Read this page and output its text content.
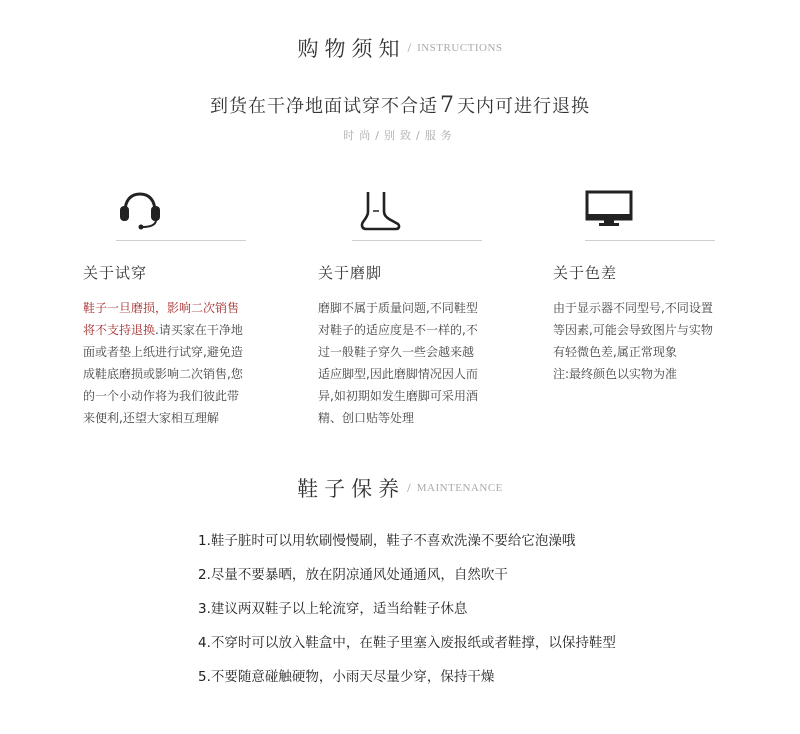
购物须知 / INSTRUCTIONS
到货在干净地面试穿不合适7 天内可进行退换
时尚/别致/服务
关于试穿
鞋子一旦磨损，影响二次销售
将不支持退换.请买家在干净地
面或者垫上纸进行试穿,避免造
成鞋底磨损或影响二次销售,您
的一个小动作将为我们彼此带
来便利,还望大家相互理解
关于磨脚
磨脚不属于质量问题,不同鞋型
对鞋子的适应度是不一样的,不
过一般鞋子穿久一些会越来越
适应脚型,因此磨脚情况因人而
异,如初期如发生磨脚可采用酒
精、创口贴等处理
关于色差
由于显示器不同型号,不同设置
等因素,可能会导致图片与实物
有轻微色差,属正常现象
注:最终颜色以实物为准
鞋子保养 / MAINTENANCE
1.鞋子脏时可以用软刷慢慢刷，鞋子不喜欢洗澡不要给它泡澡哦
2.尽量不要暴晒，放在阴凉通风处通通风，自然吹干
3.建议两双鞋子以上轮流穿，适当给鞋子休息
4.不穿时可以放入鞋盒中，在鞋子里塞入废报纸或者鞋撑，以保持鞋型
5.不要随意碰触硬物，小雨天尽量少穿，保持干燥
